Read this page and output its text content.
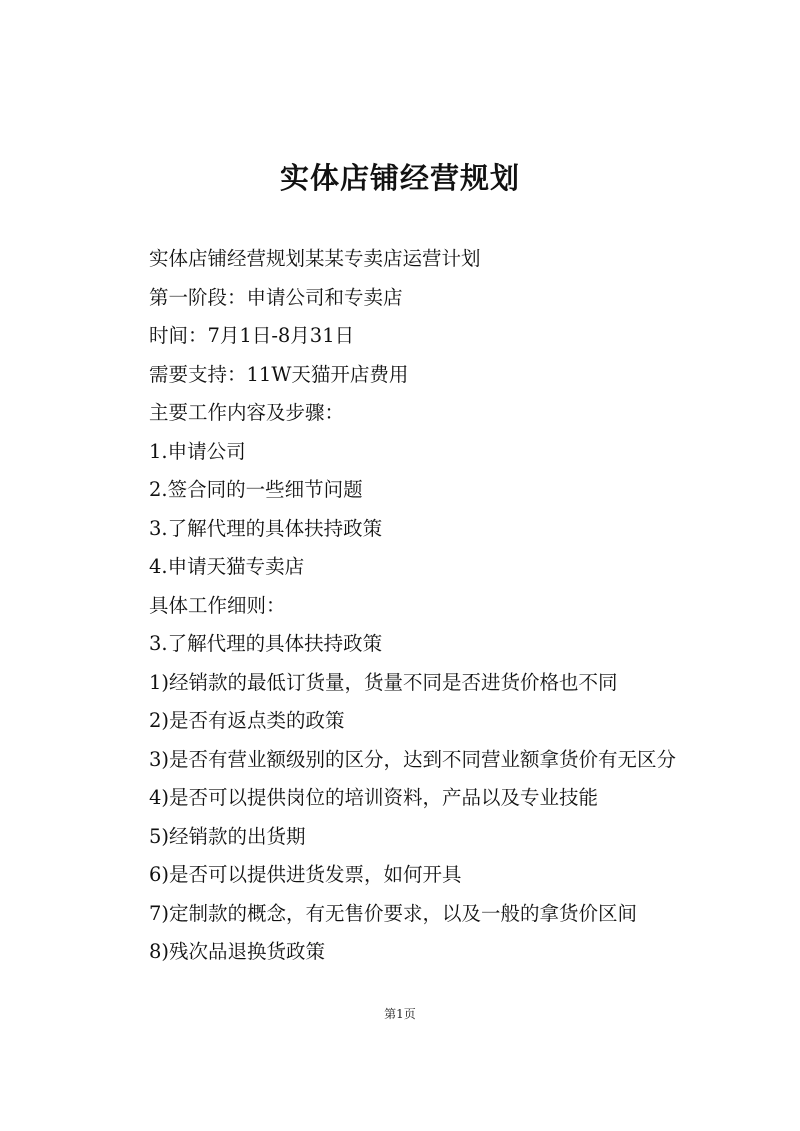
实体店铺经营规划

实体店铺经营规划某某专卖店运营计划

第一阶段：申请公司和专卖店

时间：7月1日-8月31日

需要支持：11W天猫开店费用

主要工作内容及步骤：

1.申请公司

2.签合同的一些细节问题

3.了解代理的具体扶持政策

4.申请天猫专卖店

具体工作细则：

3.了解代理的具体扶持政策

1)经销款的最低订货量，货量不同是否进货价格也不同

2)是否有返点类的政策

3)是否有营业额级别的区分，达到不同营业额拿货价有无区分

4)是否可以提供岗位的培训资料，产品以及专业技能

5)经销款的出货期

6)是否可以提供进货发票，如何开具

7)定制款的概念，有无售价要求，以及一般的拿货价区间

8)残次品退换货政策

第1页
